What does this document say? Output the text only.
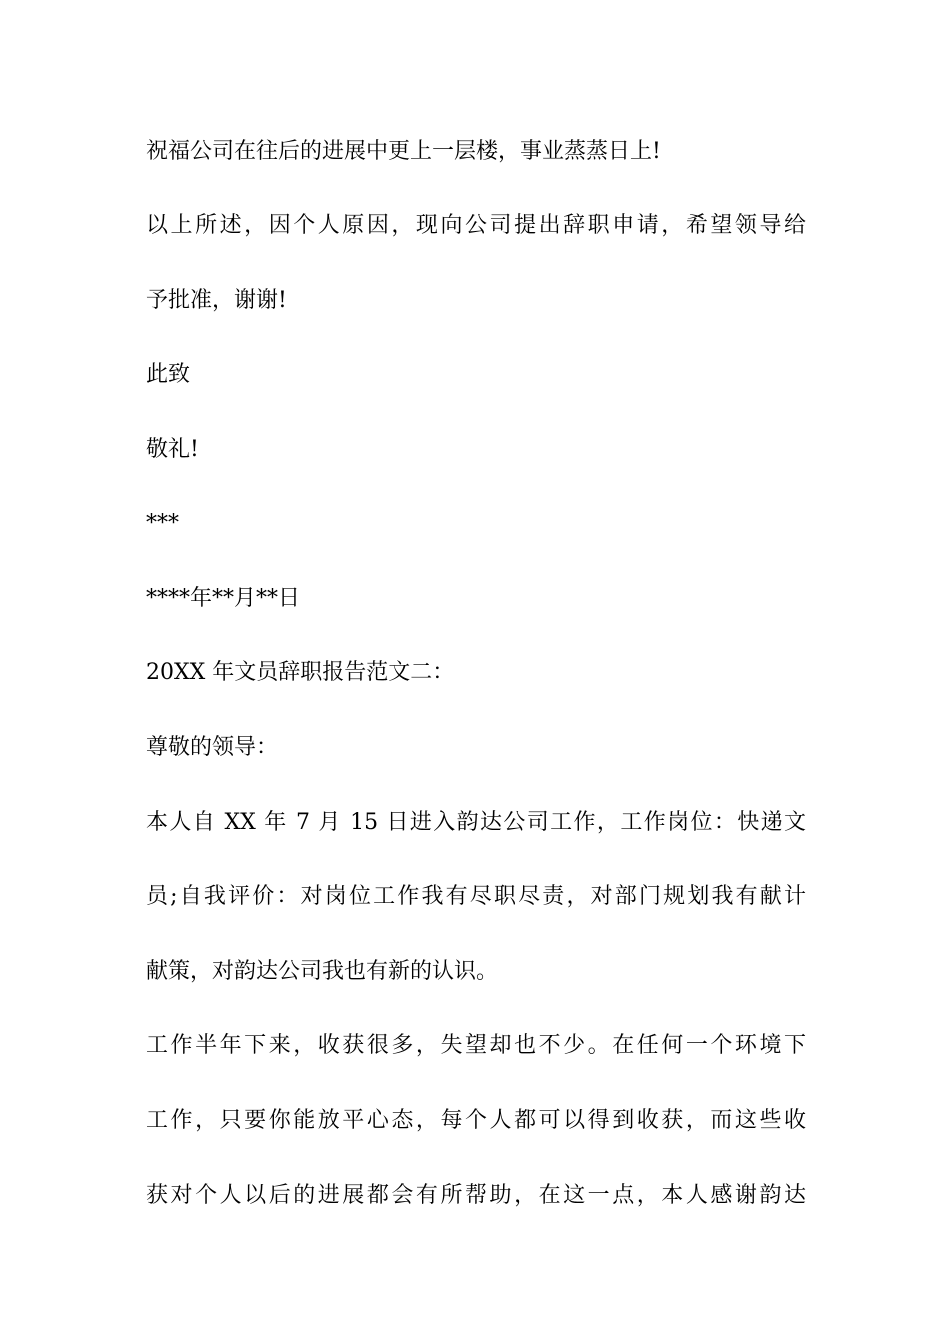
祝福公司在往后的进展中更上一层楼，事业蒸蒸日上!

以上所述，因个人原因，现向公司提出辞职申请，希望领导给

予批准，谢谢!

此致

敬礼!

***

****年**月**日

20XX 年文员辞职报告范文二：

尊敬的领导：

本人自 XX 年 7 月 15 日进入韵达公司工作，工作岗位：快递文

员;自我评价：对岗位工作我有尽职尽责，对部门规划我有献计

献策，对韵达公司我也有新的认识。

工作半年下来，收获很多，失望却也不少。在任何一个环境下

工作，只要你能放平心态，每个人都可以得到收获，而这些收

获对个人以后的进展都会有所帮助，在这一点，本人感谢韵达
